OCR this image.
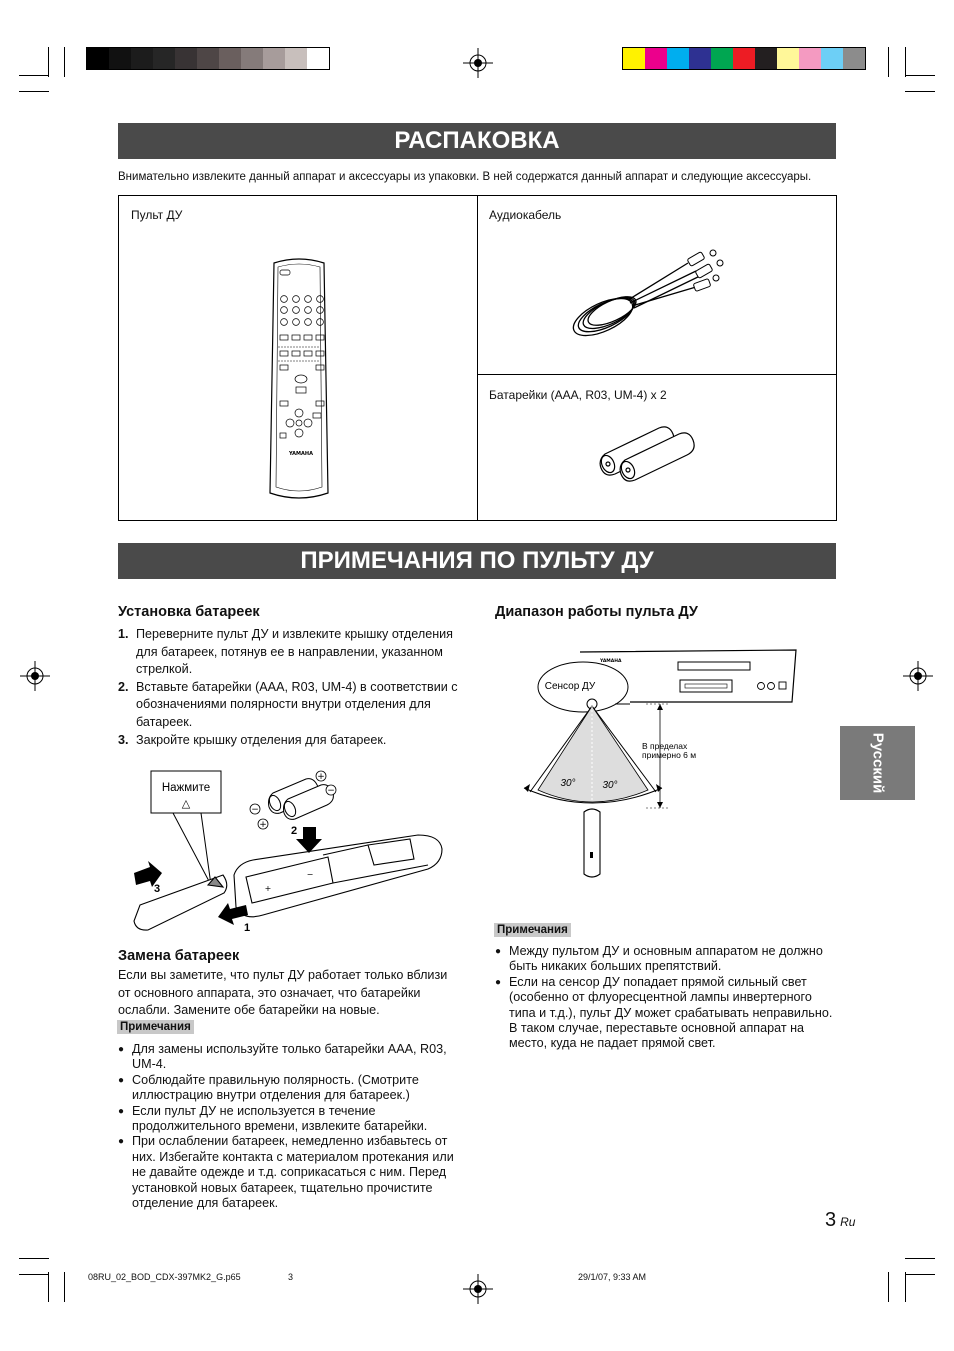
РАСПАКОВКА
Внимательно извлеките данный аппарат и аксессуары из упаковки. В ней содержатся данный аппарат и следующие аксессуары.
Пульт ДУ	Аудиокабель
Батарейки (AAA, R03, UM-4) x 2
YAMAHA
ПРИМЕЧАНИЯ ПО ПУЛЬТУ ДУ
Установка батареек
1. Переверните пульт ДУ и извлеките крышку отделения для батареек, потянув ее в направлении, указанном стрелкой.
2. Вставьте батарейки (AAA, R03, UM-4) в соответствии с обозначениями полярности внутри отделения для батареек.
3. Закройте крышку отделения для батареек.
Нажмите
△
+
−
+
−
−
+
1
2
3
Замена батареек

Если вы заметите, что пульт ДУ работает только вблизи от основного аппарата, это означает, что батарейки ослабли. Замените обе батарейки на новые.

Примечания
● Для замены используйте только батарейки AAA, R03, UM-4.
● Соблюдайте правильную полярность. (Смотрите иллюстрацию внутри отделения для батареек.)
● Если пульт ДУ не используется в течение продолжительного времени, извлеките батарейки.
● При ослаблении батареек, немедленно избавьтесь от них. Избегайте контакта с материалом протекания или не давайте одежде и т.д. соприкасаться с ним. Перед установкой новых батареек, тщательно прочистите отделение для батареек.
Диапазон работы пульта ДУ
YAMAHA
Сенсор ДУ
30°	30°
В пределах
примерно 6 м
Примечания
● Между пультом ДУ и основным аппаратом не должно быть никаких больших препятствий.
● Если на сенсор ДУ попадает прямой сильный свет (особенно от флуоресцентной лампы инвертерного типа и т.д.), пульт ДУ может срабатывать неправильно. В таком случае, переставьте основной аппарат на место, куда не падает прямой свет.
Русский
3 Ru
08RU_02_BOD_CDX-397MK2_G.p65	3	29/1/07, 9:33 AM
